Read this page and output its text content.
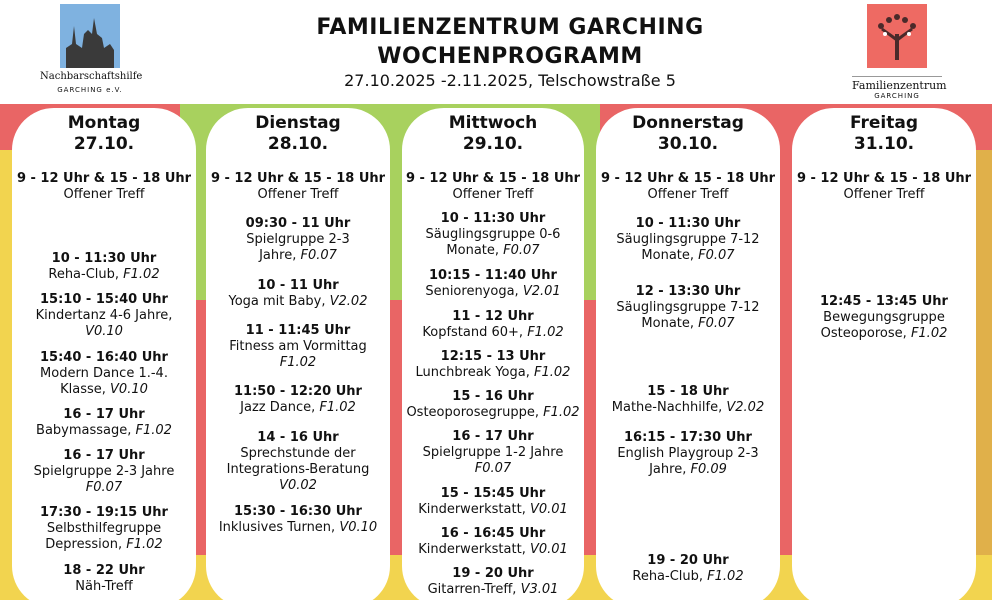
FAMILIENZENTRUM GARCHING
WOCHENPROGRAMM
27.10.2025 -2.11.2025, Telschowstraße 5
Nachbarschaftshilfe
GARCHING e.V.	Familienzentrum
GARCHING
Montag
27.10.
9 - 12 Uhr & 15 - 18 Uhr
Offener Treff
10 - 11:30 Uhr
Reha-Club, F1.02
15:10 - 15:40 Uhr
Kindertanz 4-6 Jahre, V0.10
15:40 - 16:40 Uhr
Modern Dance 1.-4. Klasse, V0.10
16 - 17 Uhr
Babymassage, F1.02
16 - 17 Uhr
Spielgruppe 2-3 Jahre
F0.07
17:30 - 19:15 Uhr
Selbsthilfegruppe Depression, F1.02
18 - 22 Uhr
Näh-Treff
Dienstag
28.10.
9 - 12 Uhr & 15 - 18 Uhr
Offener Treff
09:30 - 11 Uhr
Spielgruppe 2-3 Jahre, F0.07
10 - 11 Uhr
Yoga mit Baby, V2.02
11 - 11:45 Uhr
Fitness am Vormittag
F1.02
11:50 - 12:20 Uhr
Jazz Dance, F1.02
14 - 16 Uhr
Sprechstunde der Integrations-Beratung
V0.02
15:30 - 16:30 Uhr
Inklusives Turnen, V0.10
Mittwoch
29.10.
9 - 12 Uhr & 15 - 18 Uhr
Offener Treff
10 - 11:30 Uhr
Säuglingsgruppe 0-6 Monate, F0.07
10:15 - 11:40 Uhr
Seniorenyoga, V2.01
11 - 12 Uhr
Kopfstand 60+, F1.02
12:15 - 13 Uhr
Lunchbreak Yoga, F1.02
15 - 16 Uhr
Osteoporosegruppe, F1.02
16 - 17 Uhr
Spielgruppe 1-2 Jahre
F0.07
15 - 15:45 Uhr
Kinderwerkstatt, V0.01
16 - 16:45 Uhr
Kinderwerkstatt, V0.01
19 - 20 Uhr
Gitarren-Treff, V3.01
Donnerstag
30.10.
9 - 12 Uhr & 15 - 18 Uhr
Offener Treff
10 - 11:30 Uhr
Säuglingsgruppe 7-12 Monate, F0.07
12 - 13:30 Uhr
Säuglingsgruppe 7-12 Monate, F0.07
15 - 18 Uhr
Mathe-Nachhilfe, V2.02
16:15 - 17:30 Uhr
English Playgroup 2-3 Jahre, F0.09
19 - 20 Uhr
Reha-Club, F1.02
Freitag
31.10.
9 - 12 Uhr & 15 - 18 Uhr
Offener Treff
12:45 - 13:45 Uhr
Bewegungsgruppe Osteoporose, F1.02
